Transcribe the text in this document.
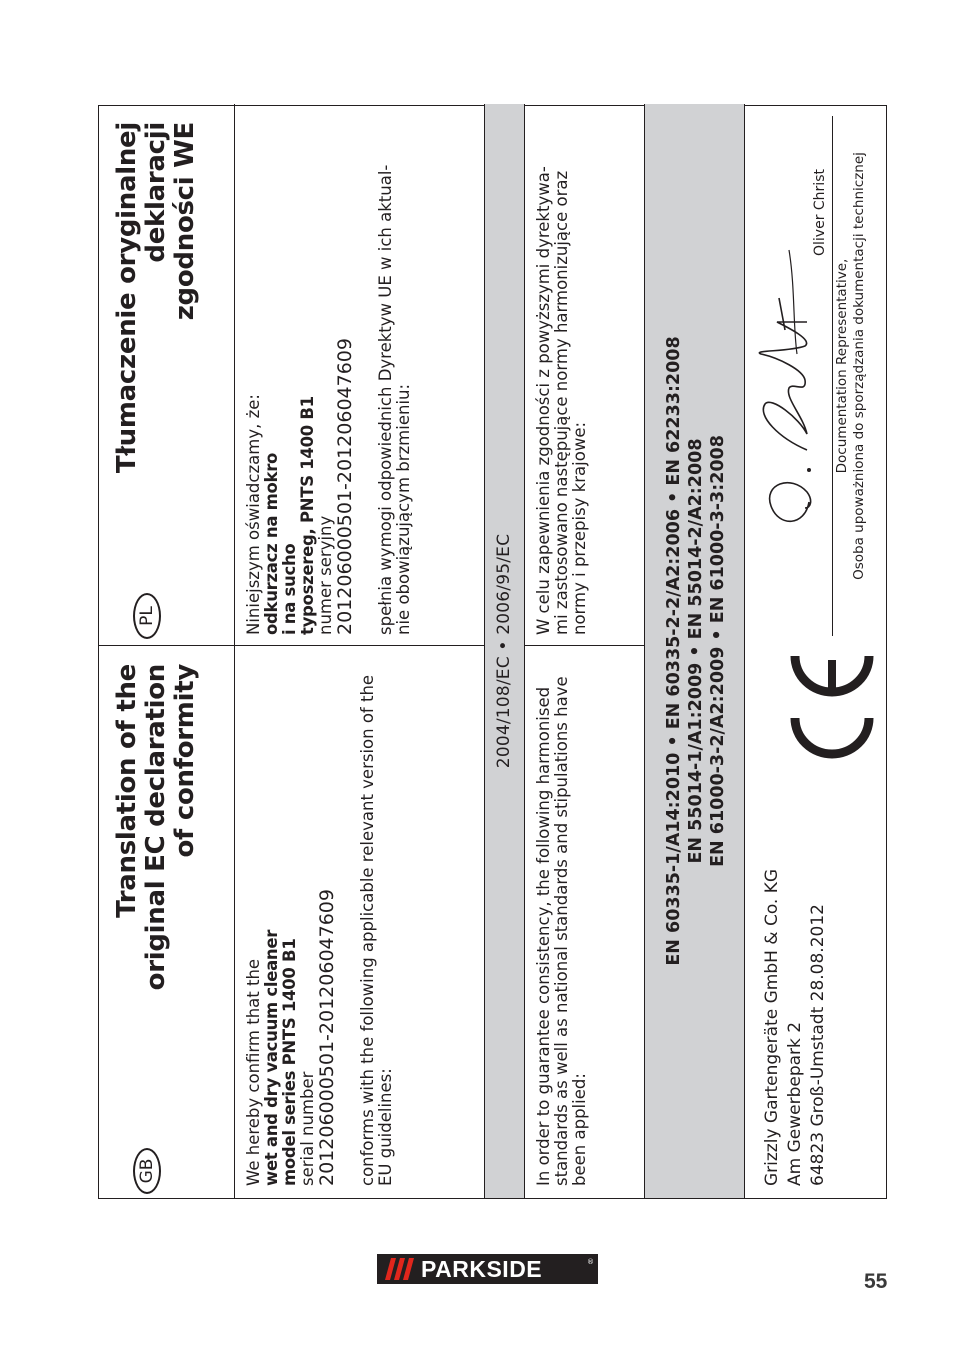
GB
Translation of the original EC declaration of conformity
PL
Tłumaczenie oryginalnej deklaracji zgodności WE
We hereby confirm that the wet and dry vacuum cleaner model series PNTS 1400 B1 serial number 201206000501-201206047609 conforms with the following applicable relevant version of the EU guidelines:
Niniejszym oświadczamy, że: odkurzacz na mokro i na sucho typoszereg, PNTS 1400 B1 numer seryjny 201206000501-201206047609 spełnia wymogi odpowiednich Dyrektyw UE w ich aktual- nie obowiązującym brzmieniu:
2004/108/EC • 2006/95/EC
In order to guarantee consistency, the following harmonised standards as well as national standards and stipulations have been applied:
W celu zapewnienia zgodności z powyższymi dyrektywa- mi zastosowano następujące normy harmonizujące oraz normy i przepisy krajowe:	EN 60335-1/A14:2010 • EN 60335-2-2/A2:2006 • EN 62233:2008 EN 55014-1/A1:2009 • EN 55014-2/A2:2008 EN 61000-3-2/A2:2009 • EN 61000-3-3:2008
Grizzly Gartengeräte GmbH & Co. KG Am Gewerbepark 2 64823 Groß-Umstadt 28.08.2012
Oliver Christ
Documentation Representative, Osoba upoważniona do sporządzania dokumentacji technicznej
PARKSIDE	®
55
